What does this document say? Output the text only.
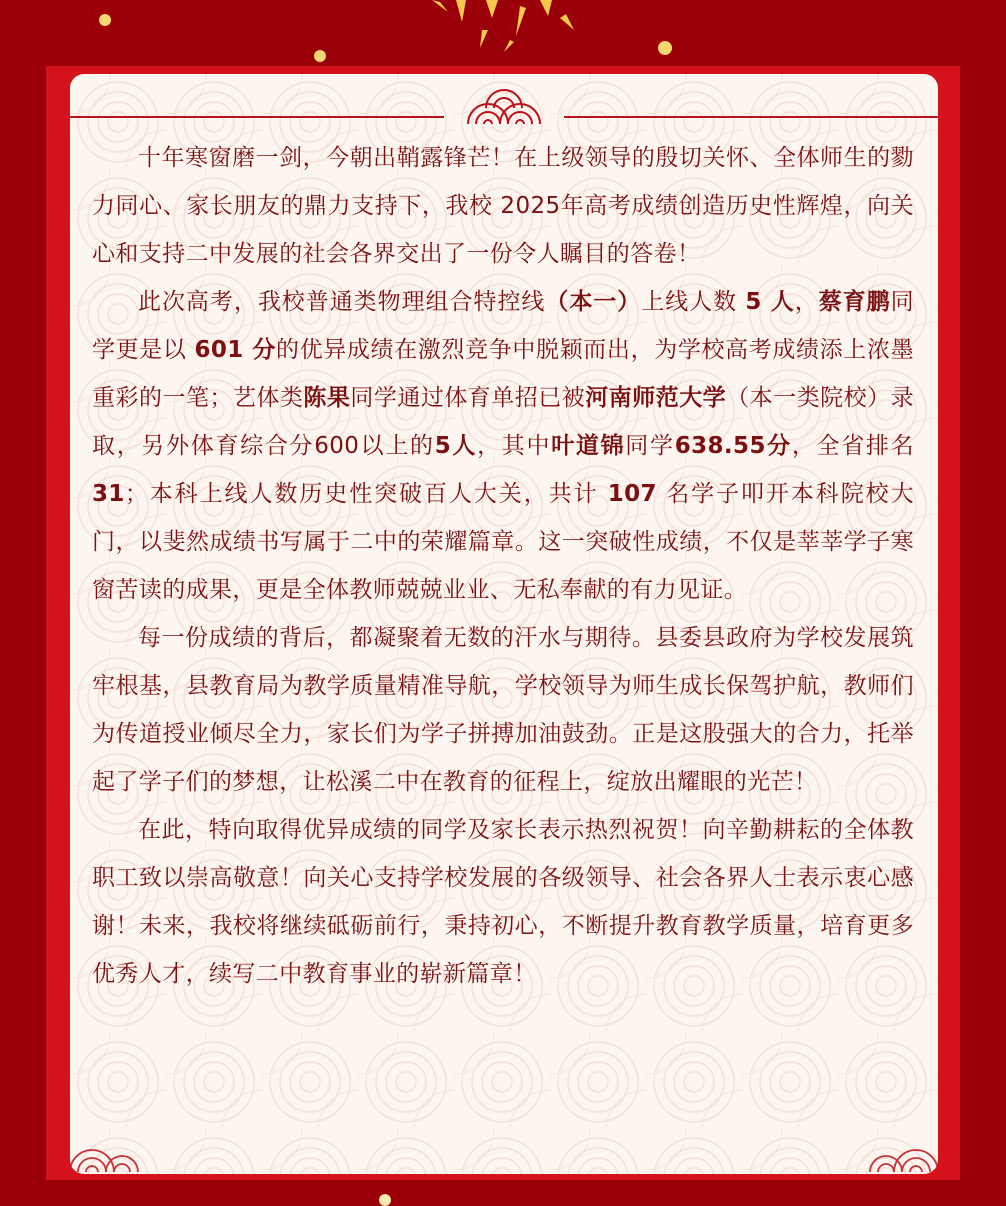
十年寒窗磨一剑，今朝出鞘露锋芒！在上级领导的殷切关怀、全体师生的勠力同心、家长朋友的鼎力支持下，我校 2025年高考成绩创造历史性辉煌，向关心和支持二中发展的社会各界交出了一份令人瞩目的答卷！

此次高考，我校普通类物理组合特控线（本一）上线人数 5 人，蔡育鹏同学更是以 601 分的优异成绩在激烈竞争中脱颖而出，为学校高考成绩添上浓墨重彩的一笔；艺体类陈果同学通过体育单招已被河南师范大学（本一类院校）录取，另外体育综合分600以上的5人，其中叶道锦同学638.55分，全省排名31；本科上线人数历史性突破百人大关，共计 107 名学子叩开本科院校大门，以斐然成绩书写属于二中的荣耀篇章。这一突破性成绩，不仅是莘莘学子寒窗苦读的成果，更是全体教师兢兢业业、无私奉献的有力见证。

每一份成绩的背后，都凝聚着无数的汗水与期待。县委县政府为学校发展筑牢根基，县教育局为教学质量精准导航，学校领导为师生成长保驾护航，教师们为传道授业倾尽全力，家长们为学子拼搏加油鼓劲。正是这股强大的合力，托举起了学子们的梦想，让松溪二中在教育的征程上，绽放出耀眼的光芒！

在此，特向取得优异成绩的同学及家长表示热烈祝贺！向辛勤耕耘的全体教职工致以崇高敬意！向关心支持学校发展的各级领导、社会各界人士表示衷心感谢！未来，我校将继续砥砺前行，秉持初心，不断提升教育教学质量，培育更多优秀人才，续写二中教育事业的崭新篇章！
